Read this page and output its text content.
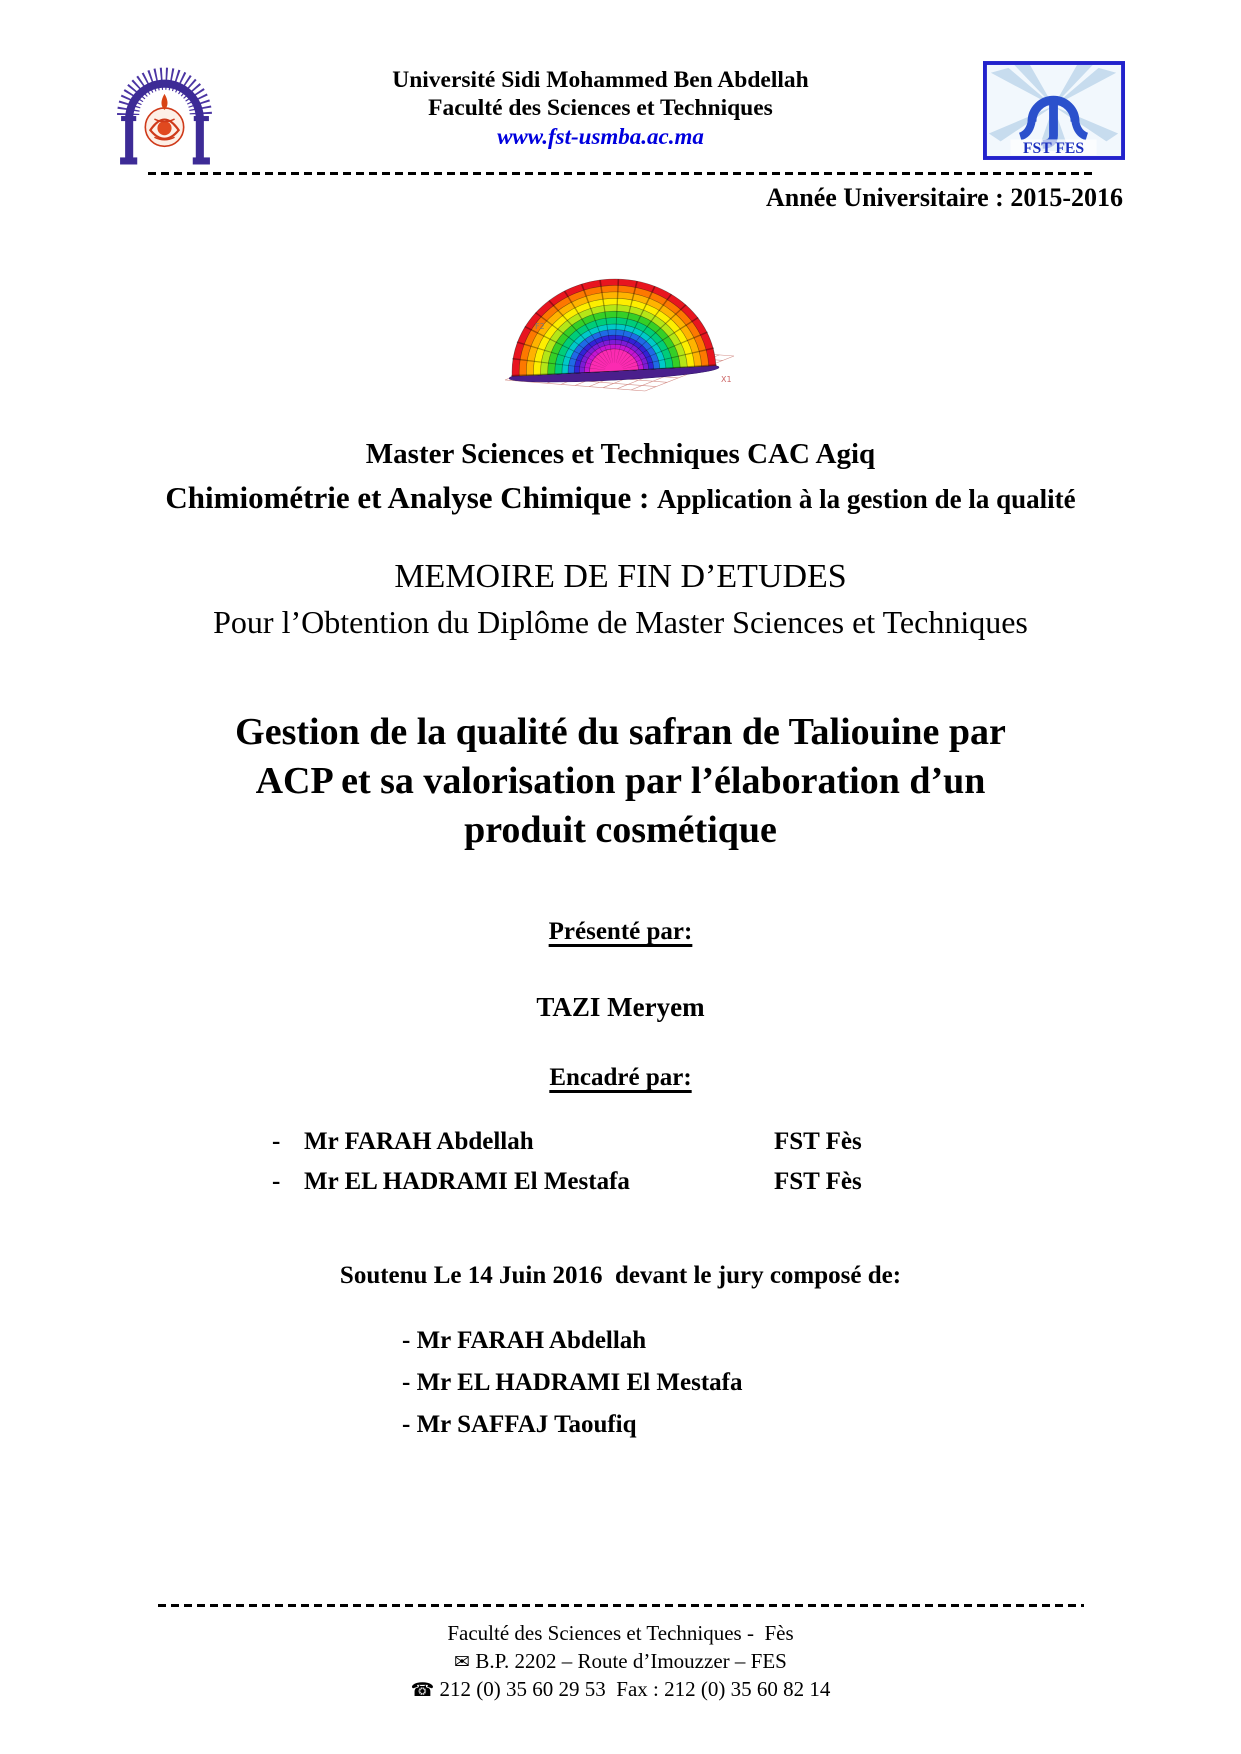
Université Sidi Mohammed Ben Abdellah
Faculté des Sciences et Techniques
www.fst-usmba.ac.ma	FST FES
Année Universitaire : 2015-2016
F2
X1
Master Sciences et Techniques CAC Agiq
Chimiométrie et Analyse Chimique : Application à la gestion de la qualité
MEMOIRE DE FIN D’ETUDES
Pour l’Obtention du Diplôme de Master Sciences et Techniques
Gestion de la qualité du safran de Taliouine par
ACP et sa valorisation par l’élaboration d’un
produit cosmétique
Présenté par:
TAZI Meryem
Encadré par:
- Mr FARAH Abdellah	FST Fès
- Mr EL HADRAMI El Mestafa	FST Fès
Soutenu Le 14 Juin 2016  devant le jury composé de:
- Mr FARAH Abdellah
- Mr EL HADRAMI El Mestafa
- Mr SAFFAJ Taoufiq
Faculté des Sciences et Techniques -  Fès
✉ B.P. 2202 – Route d’Imouzzer – FES
☎ 212 (0) 35 60 29 53  Fax : 212 (0) 35 60 82 14
